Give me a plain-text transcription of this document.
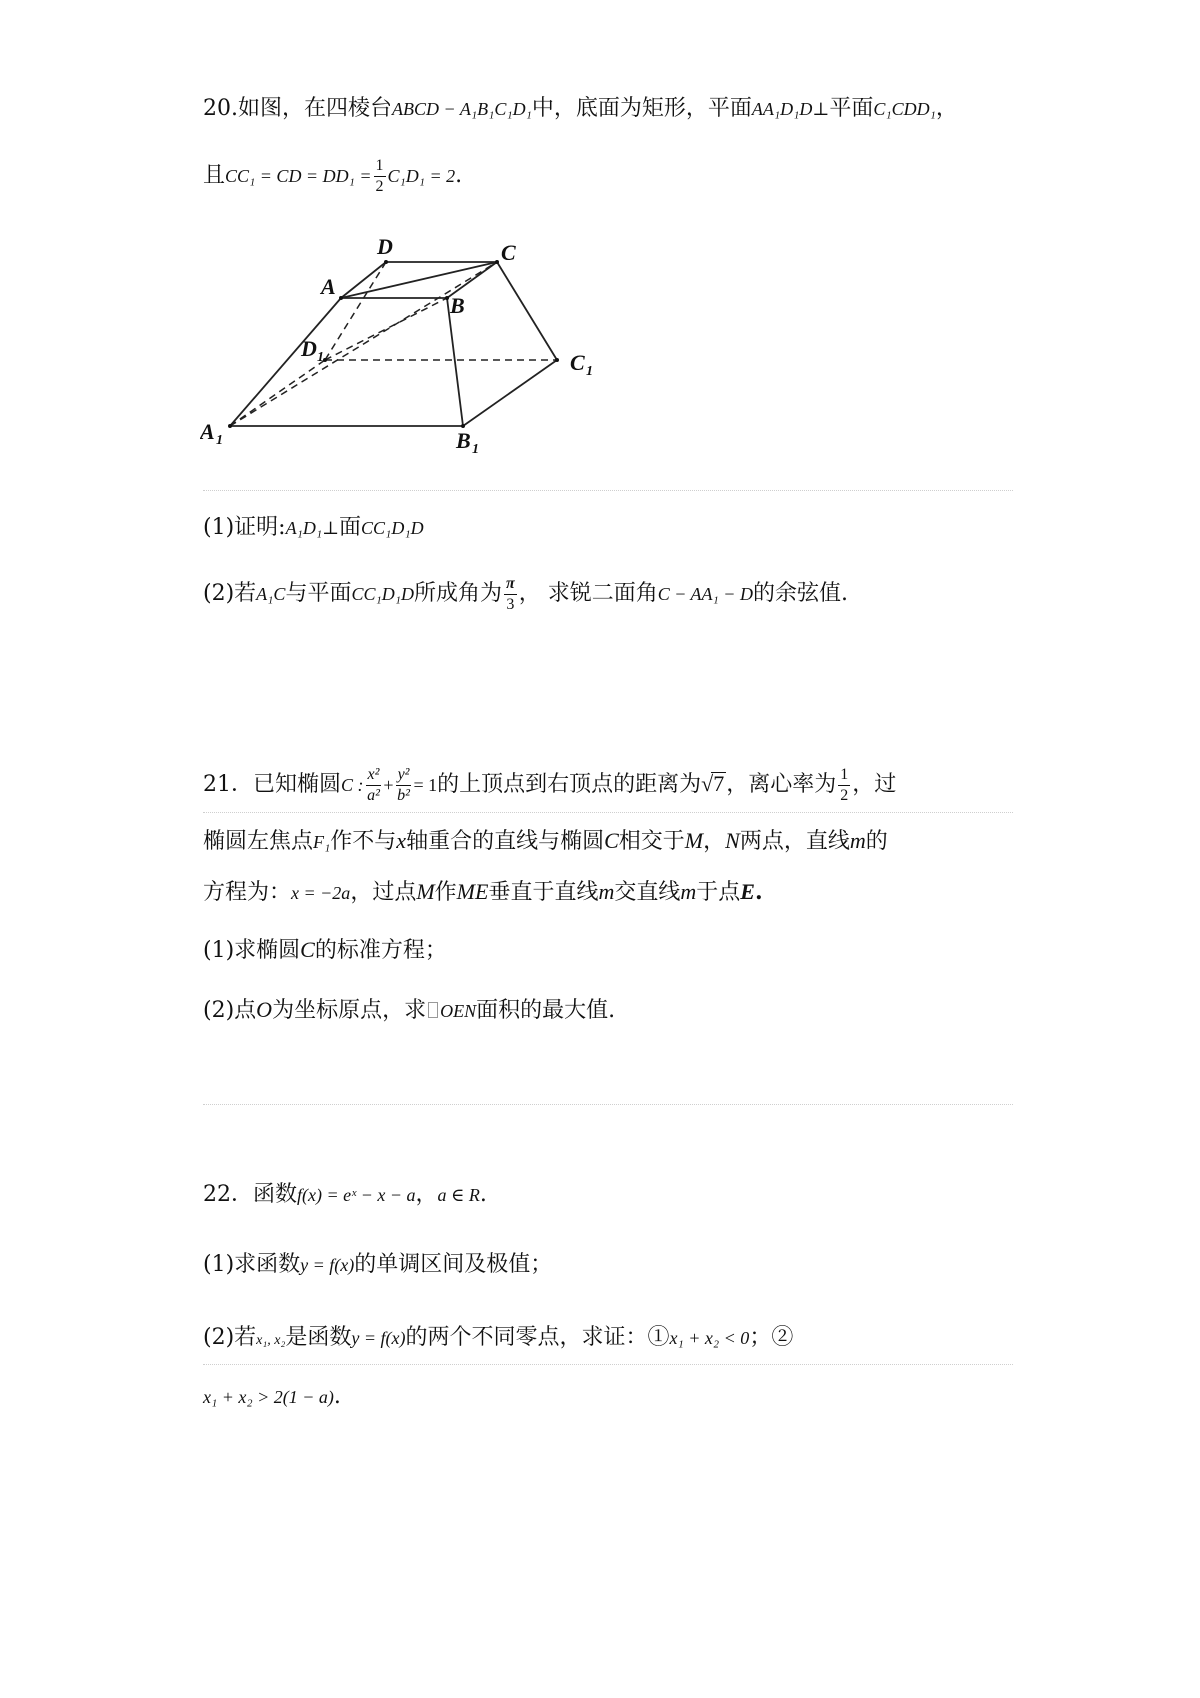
20.如图，在四棱台ABCD − A₁B₁C₁D₁中，底面为矩形，平面AA₁D₁D⊥平面C₁CDD₁，
且CC₁ = CD = $DD_1 = \frac{1}{2} C_1D_1 = 2$.
D	C
A
B
D 1	C 1
A 1	B 1
(1)证明:A₁D₁⊥面CC₁D₁D
(2)若A₁C与平面CC₁D₁D所成角为 $\frac{\pi}{3}$ ， 求锐二面角C − AA₁ − D的余弦值.
21．已知椭圆C : $\frac{\text{x²}}{\text{a²}} + \frac{\text{y²}}{\text{b²}} = 1$的上顶点到右顶点的距离为√7，离心率为 $\frac{1}{2}$ ，过
椭圆左焦点F₁作不与x轴重合的直线与椭圆C相交于M，N两点，直线m的
方程为：x = −2a，过点M作ME垂直于直线m交直线m于点E.
(1)求椭圆C的标准方程；
(2)点O为坐标原点，求 OEN面积的最大值.
22．函数f(x) = eˣ − x − a，a ∈ R.
(1)求函数y = f(x)的单调区间及极值；
(2)若x₁, x₂是函数y = f(x)的两个不同零点，求证：①x₁ + x₂ < 0；②
x₁ + x₂ > 2(1 − a).
